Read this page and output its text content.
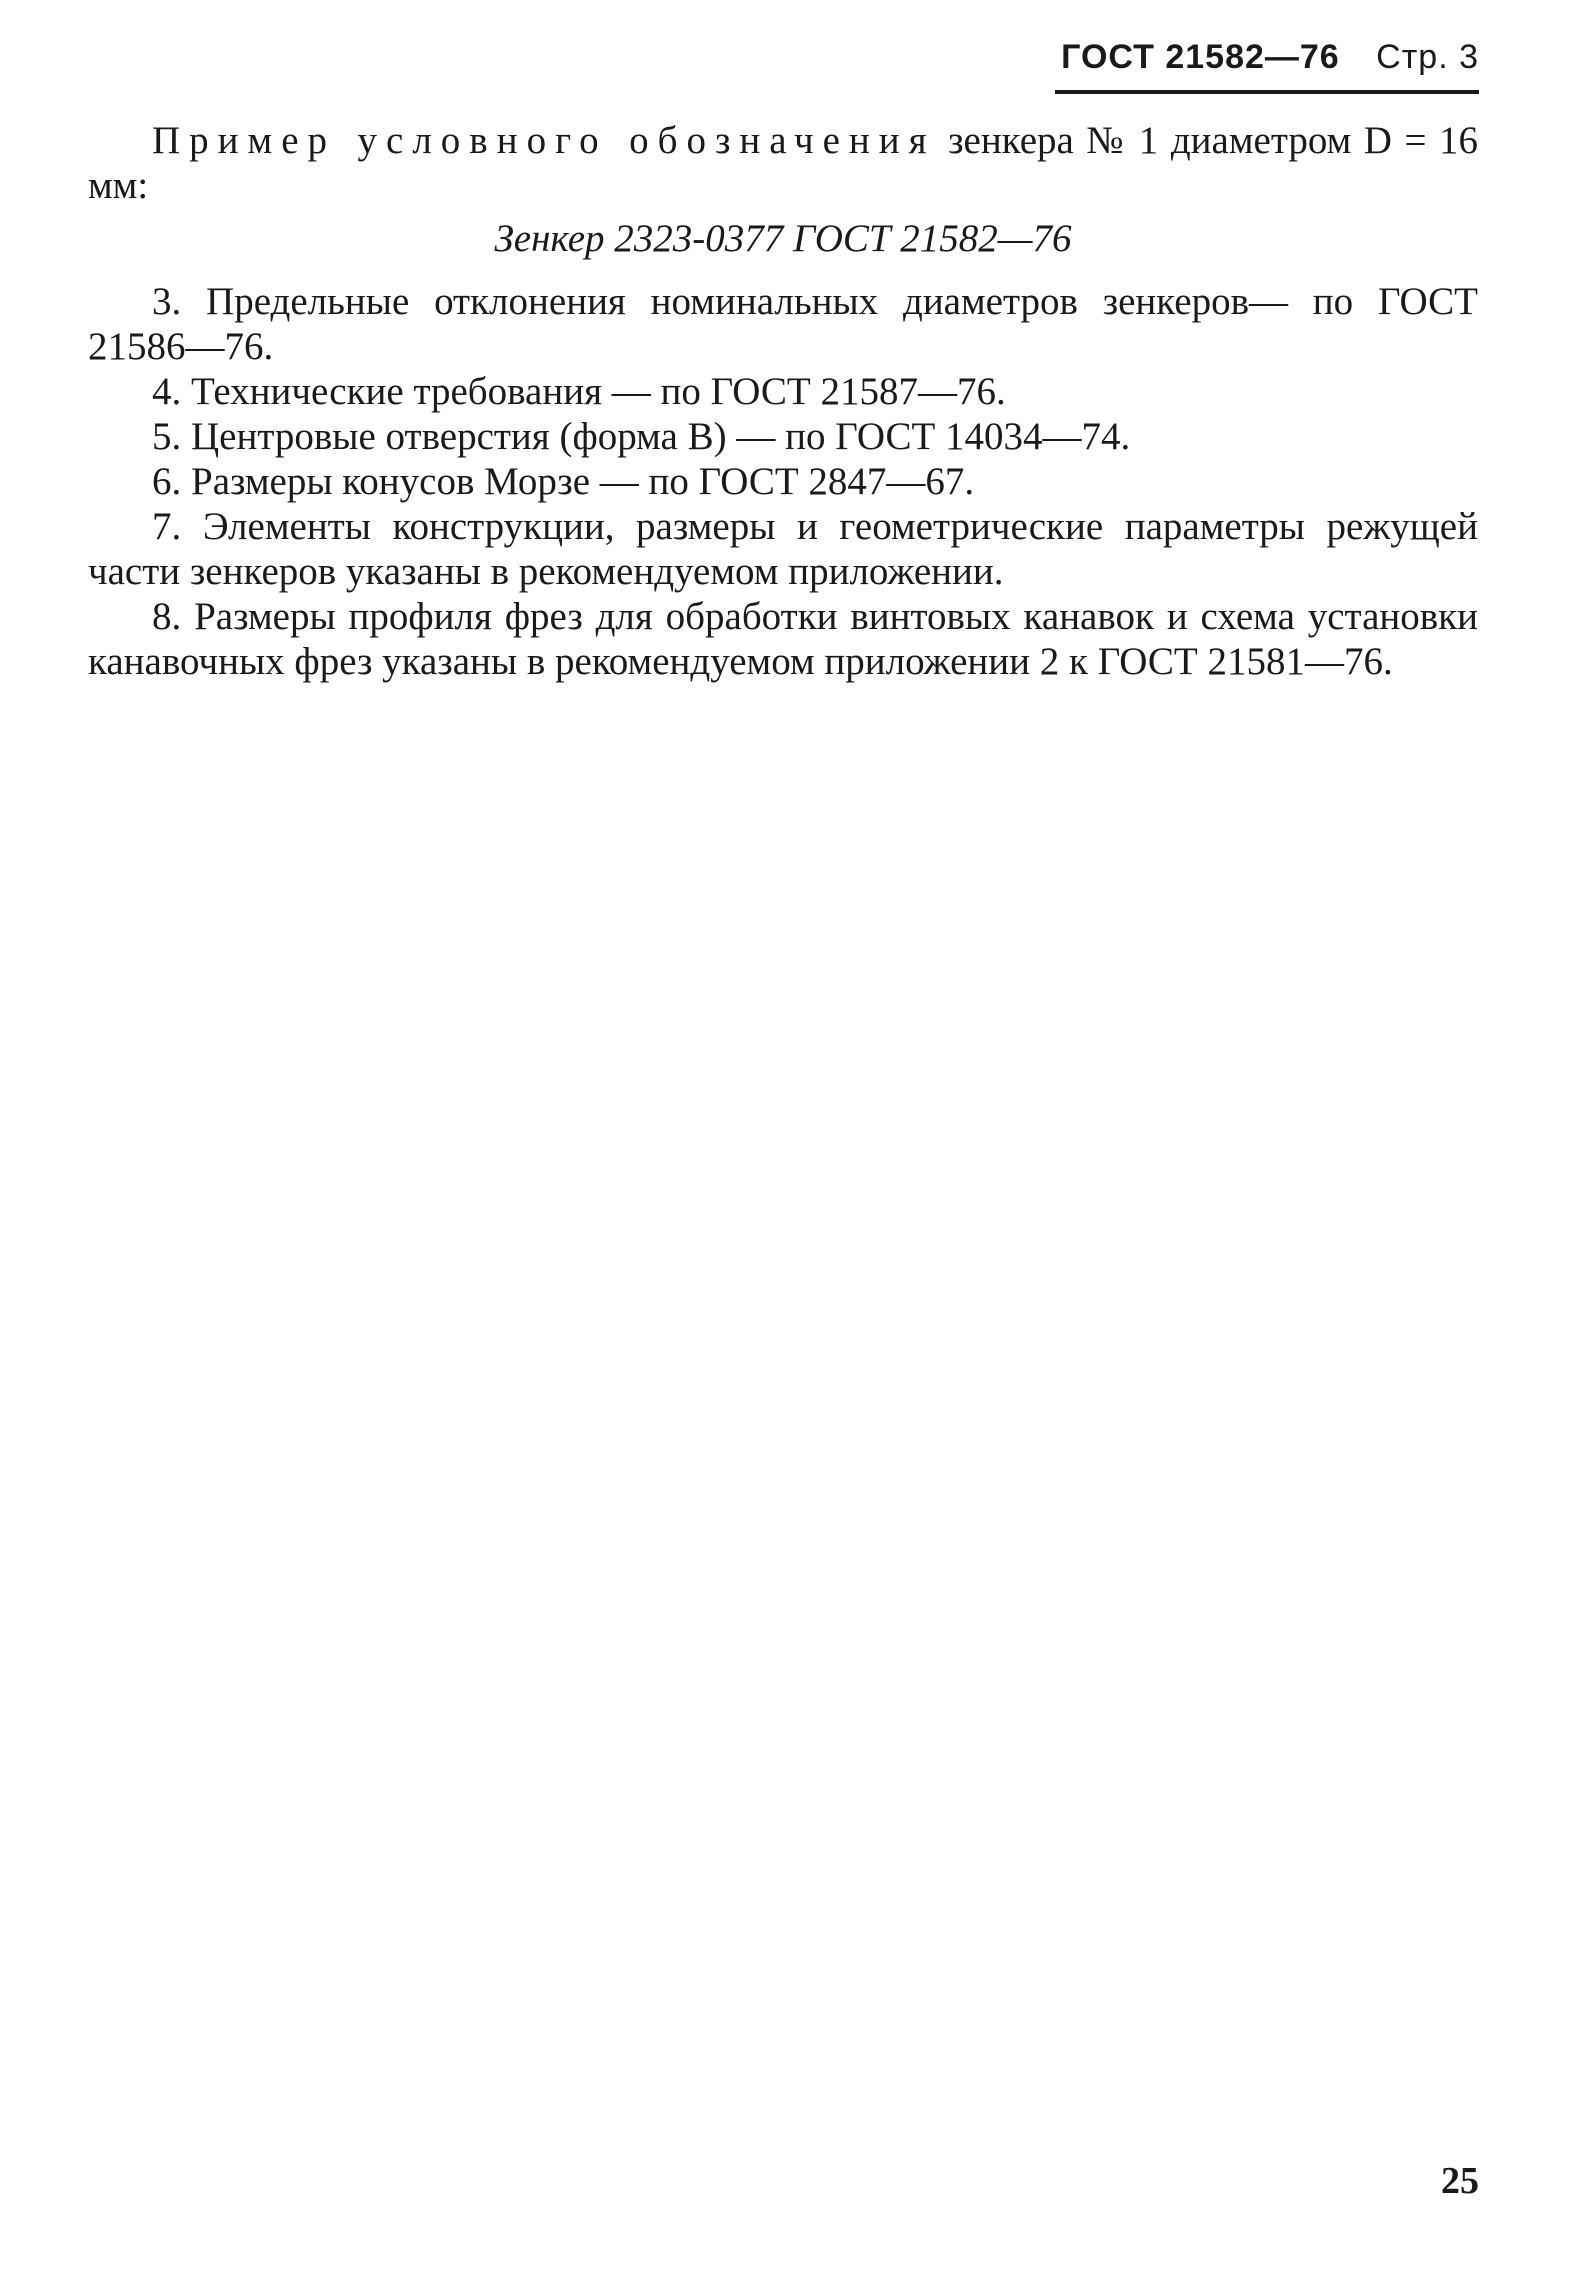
ГОСТ 21582—76 Стр. 3

Пример условного обозначения зенкера № 1 диаметром D = 16 мм:

Зенкер 2323-0377 ГОСТ 21582—76

3. Предельные отклонения номинальных диаметров зенкеров— по ГОСТ 21586—76.

4. Технические требования — по ГОСТ 21587—76.

5. Центровые отверстия (форма В) — по ГОСТ 14034—74.

6. Размеры конусов Морзе — по ГОСТ 2847—67.

7. Элементы конструкции, размеры и геометрические параметры режущей части зенкеров указаны в рекомендуемом приложении.

8. Размеры профиля фрез для обработки винтовых канавок и схема установки канавочных фрез указаны в рекомендуемом приложении 2 к ГОСТ 21581—76.

25
